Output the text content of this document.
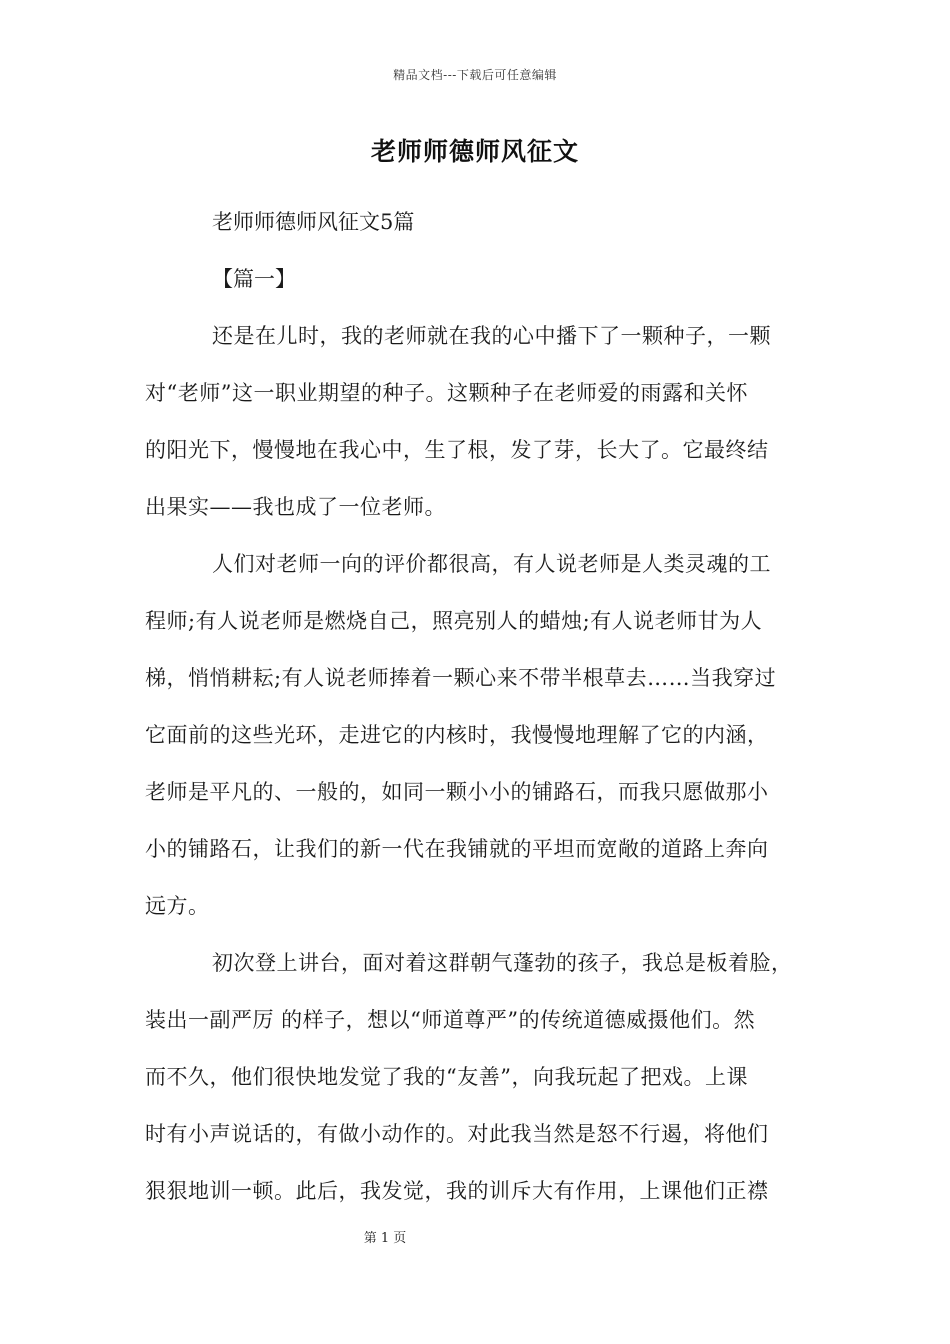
精品文档---下载后可任意编辑
老师师德师风征文
老师师德师风征文5篇
【篇一】
还是在儿时，我的老师就在我的心中播下了一颗种子，一颗
对“老师”这一职业期望的种子。这颗种子在老师爱的雨露和关怀
的阳光下，慢慢地在我心中，生了根，发了芽，长大了。它最终结
出果实——我也成了一位老师。
人们对老师一向的评价都很高，有人说老师是人类灵魂的工
程师;有人说老师是燃烧自己，照亮别人的蜡烛;有人说老师甘为人
梯，悄悄耕耘;有人说老师捧着一颗心来不带半根草去……当我穿过
它面前的这些光环，走进它的内核时，我慢慢地理解了它的内涵，
老师是平凡的、一般的，如同一颗小小的铺路石，而我只愿做那小
小的铺路石，让我们的新一代在我铺就的平坦而宽敞的道路上奔向
远方。
初次登上讲台，面对着这群朝气蓬勃的孩子，我总是板着脸，
装出一副严厉 的样子，想以“师道尊严”的传统道德威摄他们。然
而不久，他们很快地发觉了我的“友善”，向我玩起了把戏。上课
时有小声说话的，有做小动作的。对此我当然是怒不行遏，将他们
狠狠地训一顿。此后，我发觉，我的训斥大有作用，上课他们正襟
第 1 页
